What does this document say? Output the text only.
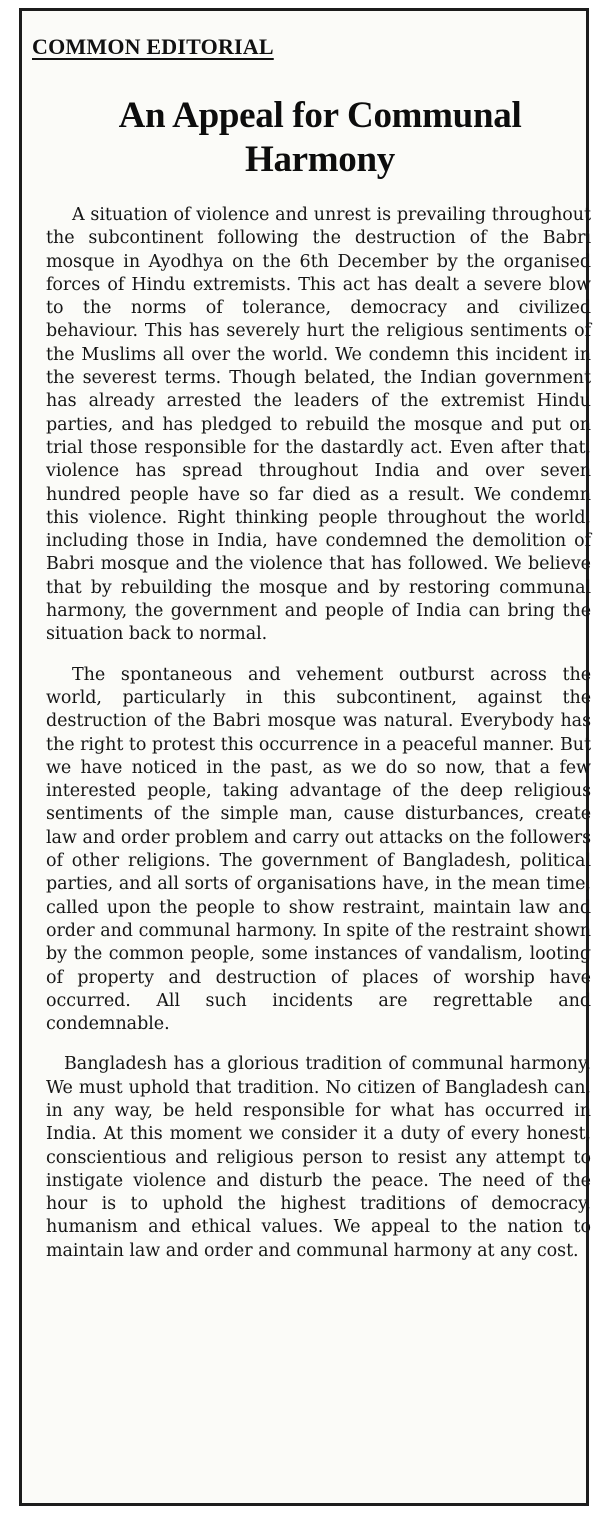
COMMON EDITORIAL
An Appeal for Communal Harmony

A situation of violence and unrest is prevailing throughout the subcontinent following the destruction of the Babri mosque in Ayodhya on the 6th December by the organised forces of Hindu extremists. This act has dealt a severe blow to the norms of tolerance, democracy and civilized behaviour. This has severely hurt the religious sentiments of the Muslims all over the world. We condemn this incident in the severest terms. Though belated, the Indian government has already arrested the leaders of the extremist Hindu parties, and has pledged to rebuild the mosque and put on trial those responsible for the dastardly act. Even after that, violence has spread throughout India and over seven hundred people have so far died as a result. We condemn this violence. Right thinking people throughout the world, including those in India, have condemned the demolition of Babri mosque and the violence that has followed. We believe that by rebuilding the mosque and by restoring communal harmony, the government and people of India can bring the situation back to normal.

The spontaneous and vehement outburst across the world, particularly in this subcontinent, against the destruction of the Babri mosque was natural. Everybody has the right to protest this occurrence in a peaceful manner. But we have noticed in the past, as we do so now, that a few interested people, taking advantage of the deep religious sentiments of the simple man, cause disturbances, create law and order problem and carry out attacks on the followers of other religions. The government of Bangladesh, political parties, and all sorts of organisations have, in the mean time, called upon the people to show restraint, maintain law and order and communal harmony. In spite of the restraint shown by the common people, some instances of vandalism, looting of property and destruction of places of worship have occurred. All such incidents are regrettable and condemnable.

Bangladesh has a glorious tradition of communal harmony. We must uphold that tradition. No citizen of Bangladesh can, in any way, be held responsible for what has occurred in India. At this moment we consider it a duty of every honest, conscientious and religious person to resist any attempt to instigate violence and disturb the peace. The need of the hour is to uphold the highest traditions of democracy, humanism and ethical values. We appeal to the nation to maintain law and order and communal harmony at any cost.
